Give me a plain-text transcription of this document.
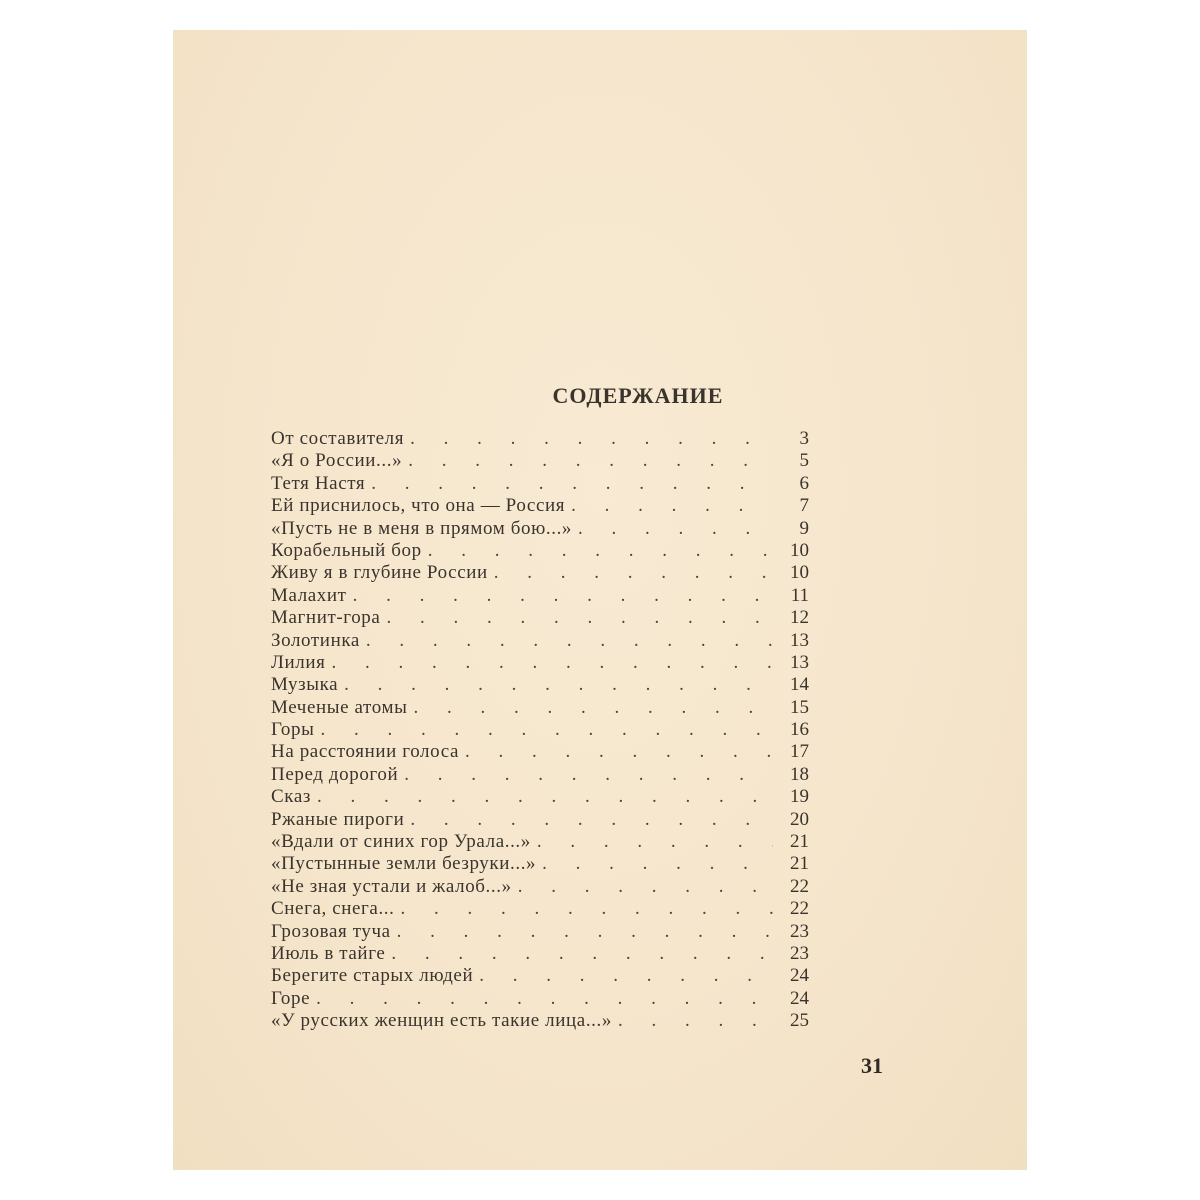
СОДЕРЖАНИЕ
От составителя . . .	3
«Я о России...» . . .	5
Тетя Настя . . .	6
Ей приснилось, что она — Россия . . .	7
«Пусть не в меня в прямом бою...» . . .	9
Корабельный бор . . .	10
Живу я в глубине России . . .	10
Малахит . . .	11
Магнит-гора . . .	12
Золотинка . . .	13
Лилия . . .	13
Музыка . . .	14
Меченые атомы . . .	15
Горы . . .	16
На расстоянии голоса . . .	17
Перед дорогой . . .	18
Сказ . . .	19
Ржаные пироги . . .	20
«Вдали от синих гор Урала...» . . .	21
«Пустынные земли безруки...» . . .	21
«Не зная устали и жалоб...» . . .	22
Снега, снега... . . .	22
Грозовая туча . . .	23
Июль в тайге . . .	23
Берегите старых людей . . .	24
Горе . . .	24
«У русских женщин есть такие лица...» . . .	25

31
